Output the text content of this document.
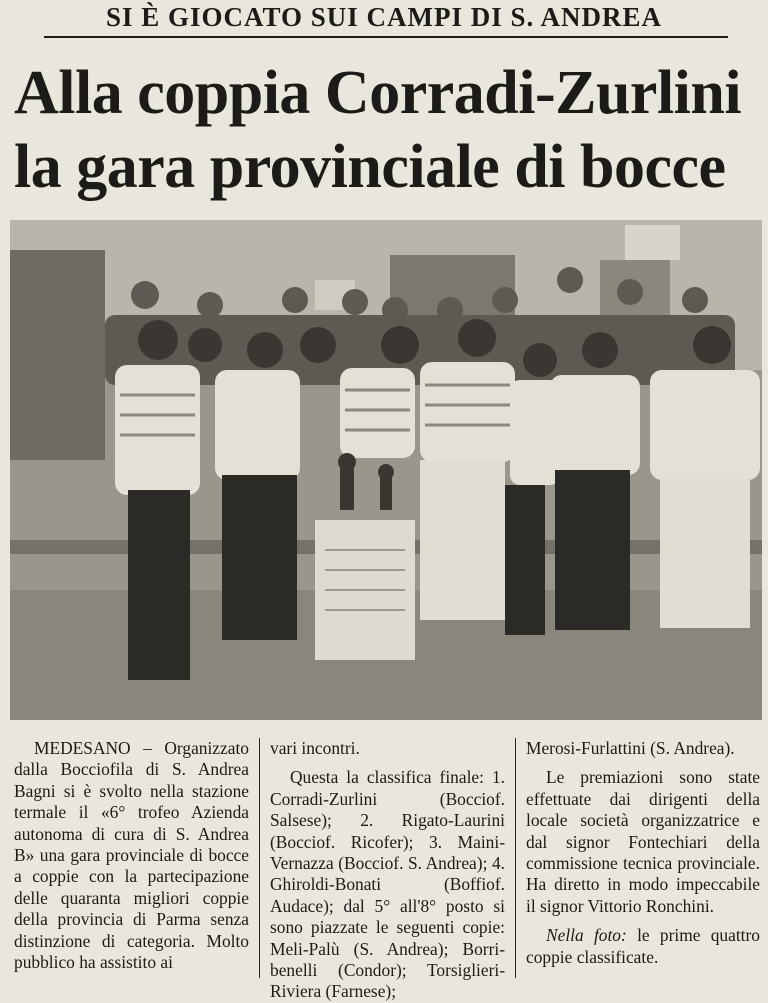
SI È GIOCATO SUI CAMPI DI S. ANDREA
Alla coppia Corradi-Zurlini la gara provinciale di bocce

MEDESANO – Organizzato dalla Bocciofila di S. Andrea Bagni si è svolto nella stazione termale il «6° trofeo Azienda autonoma di cura di S. Andrea B» una gara provinciale di bocce a coppie con la partecipazione delle quaranta migliori coppie della provincia di Parma senza distinzione di categoria. Molto pubblico ha assistito ai

vari incontri.

Questa la classifica finale: 1. Corradi-Zurlini (Bocciof. Salsese); 2. Rigato-Laurini (Bocciof. Ricofer); 3. Maini-Vernazza (Bocciof. S. Andrea); 4. Ghiroldi-Bonati (Boffiof. Audace); dal 5° all'8° posto si sono piazzate le seguenti copie: Meli-Palù (S. Andrea); Borri-benelli (Condor); Torsiglieri-Riviera (Farnese);

Merosi-Furlattini (S. Andrea).

Le premiazioni sono state effettuate dai dirigenti della locale società organizzatrice e dal signor Fontechiari della commissione tecnica provinciale. Ha diretto in modo impeccabile il signor Vittorio Ronchini.

Nella foto: le prime quattro coppie classificate.
